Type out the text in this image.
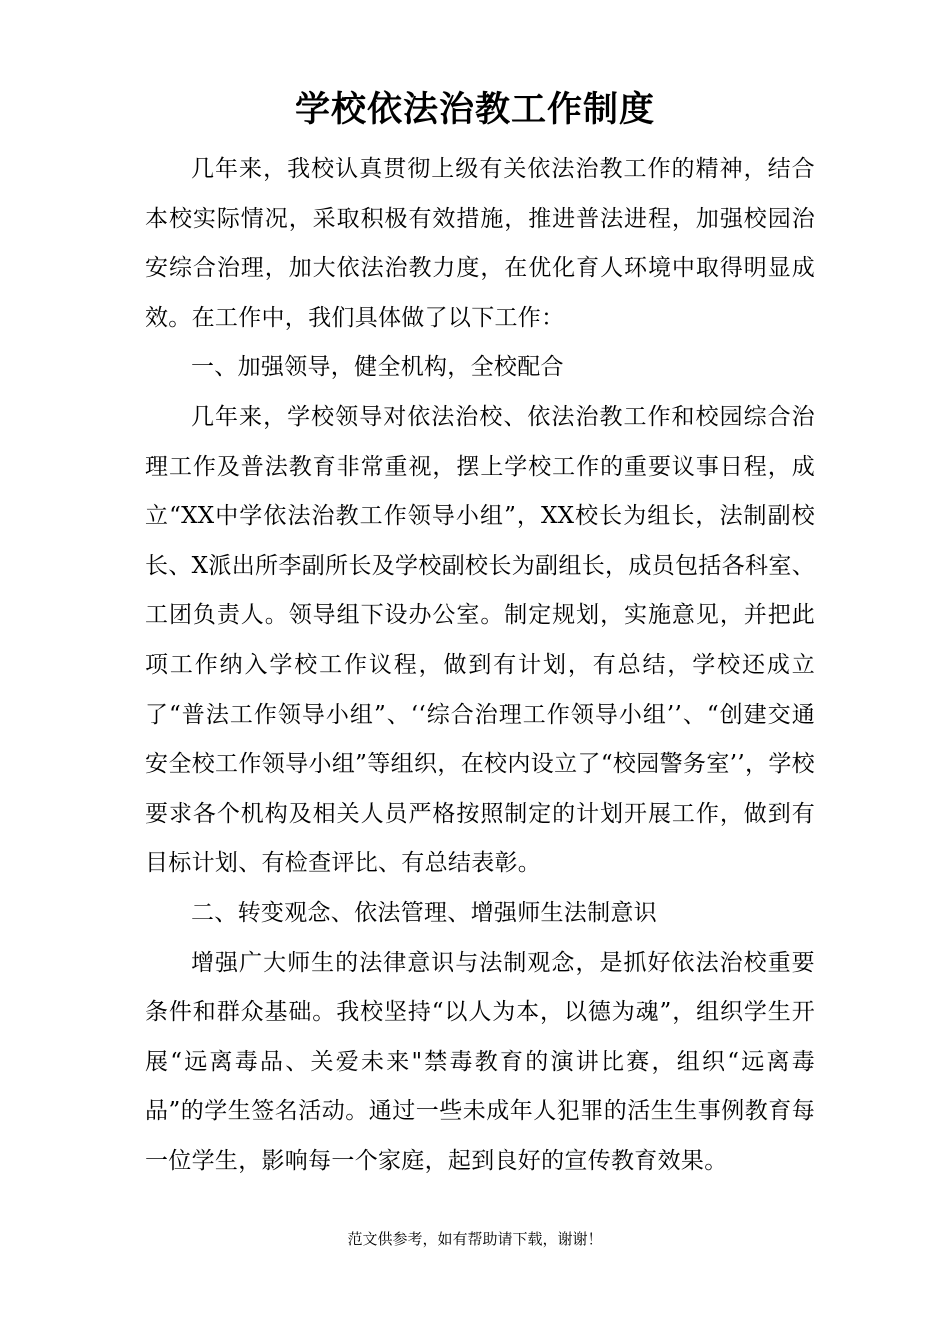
学校依法治教工作制度

几年来，我校认真贯彻上级有关依法治教工作的精神，结合本校实际情况，采取积极有效措施，推进普法进程，加强校园治安综合治理，加大依法治教力度，在优化育人环境中取得明显成效。在工作中，我们具体做了以下工作：

一、加强领导，健全机构，全校配合

几年来，学校领导对依法治校、依法治教工作和校园综合治理工作及普法教育非常重视，摆上学校工作的重要议事日程，成立“XX中学依法治教工作领导小组”，XX校长为组长，法制副校长、X派出所李副所长及学校副校长为副组长，成员包括各科室、工团负责人。领导组下设办公室。制定规划，实施意见，并把此项工作纳入学校工作议程，做到有计划，有总结，学校还成立了“普法工作领导小组”、‘‘综合治理工作领导小组’’、“创建交通安全校工作领导小组”等组织，在校内设立了“校园警务室’’，学校要求各个机构及相关人员严格按照制定的计划开展工作，做到有目标计划、有检查评比、有总结表彰。

二、转变观念、依法管理、增强师生法制意识

增强广大师生的法律意识与法制观念，是抓好依法治校重要条件和群众基础。我校坚持“以人为本，以德为魂”，组织学生开展“远离毒品、关爱未来"禁毒教育的演讲比赛，组织“远离毒品”的学生签名活动。通过一些未成年人犯罪的活生生事例教育每一位学生，影响每一个家庭，起到良好的宣传教育效果。

范文供参考，如有帮助请下载，谢谢！
